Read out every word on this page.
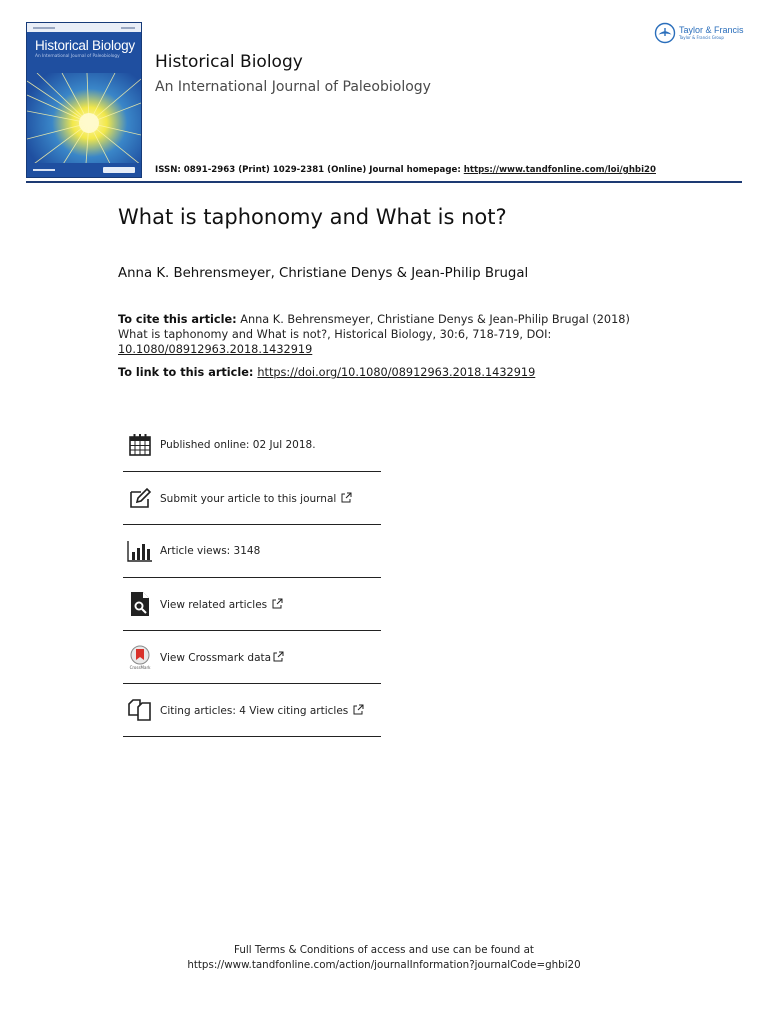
Historical Biology
An International Journal of Paleobiology	Historical Biology
An International Journal of Paleobiology
Taylor & Francis
Taylor & Francis Group
ISSN: 0891-2963 (Print) 1029-2381 (Online) Journal homepage: https://www.tandfonline.com/loi/ghbi20
What is taphonomy and What is not?
Anna K. Behrensmeyer, Christiane Denys & Jean-Philip Brugal
To cite this article: Anna K. Behrensmeyer, Christiane Denys & Jean-Philip Brugal (2018) What is taphonomy and What is not?, Historical Biology, 30:6, 718-719, DOI: 10.1080/08912963.2018.1432919
To link to this article: https://doi.org/10.1080/08912963.2018.1432919
Published online: 02 Jul 2018.
Submit your article to this journal
Article views: 3148
View related articles
CrossMark
View Crossmark data
Citing articles: 4 View citing articles
Full Terms & Conditions of access and use can be found at
https://www.tandfonline.com/action/journalInformation?journalCode=ghbi20
